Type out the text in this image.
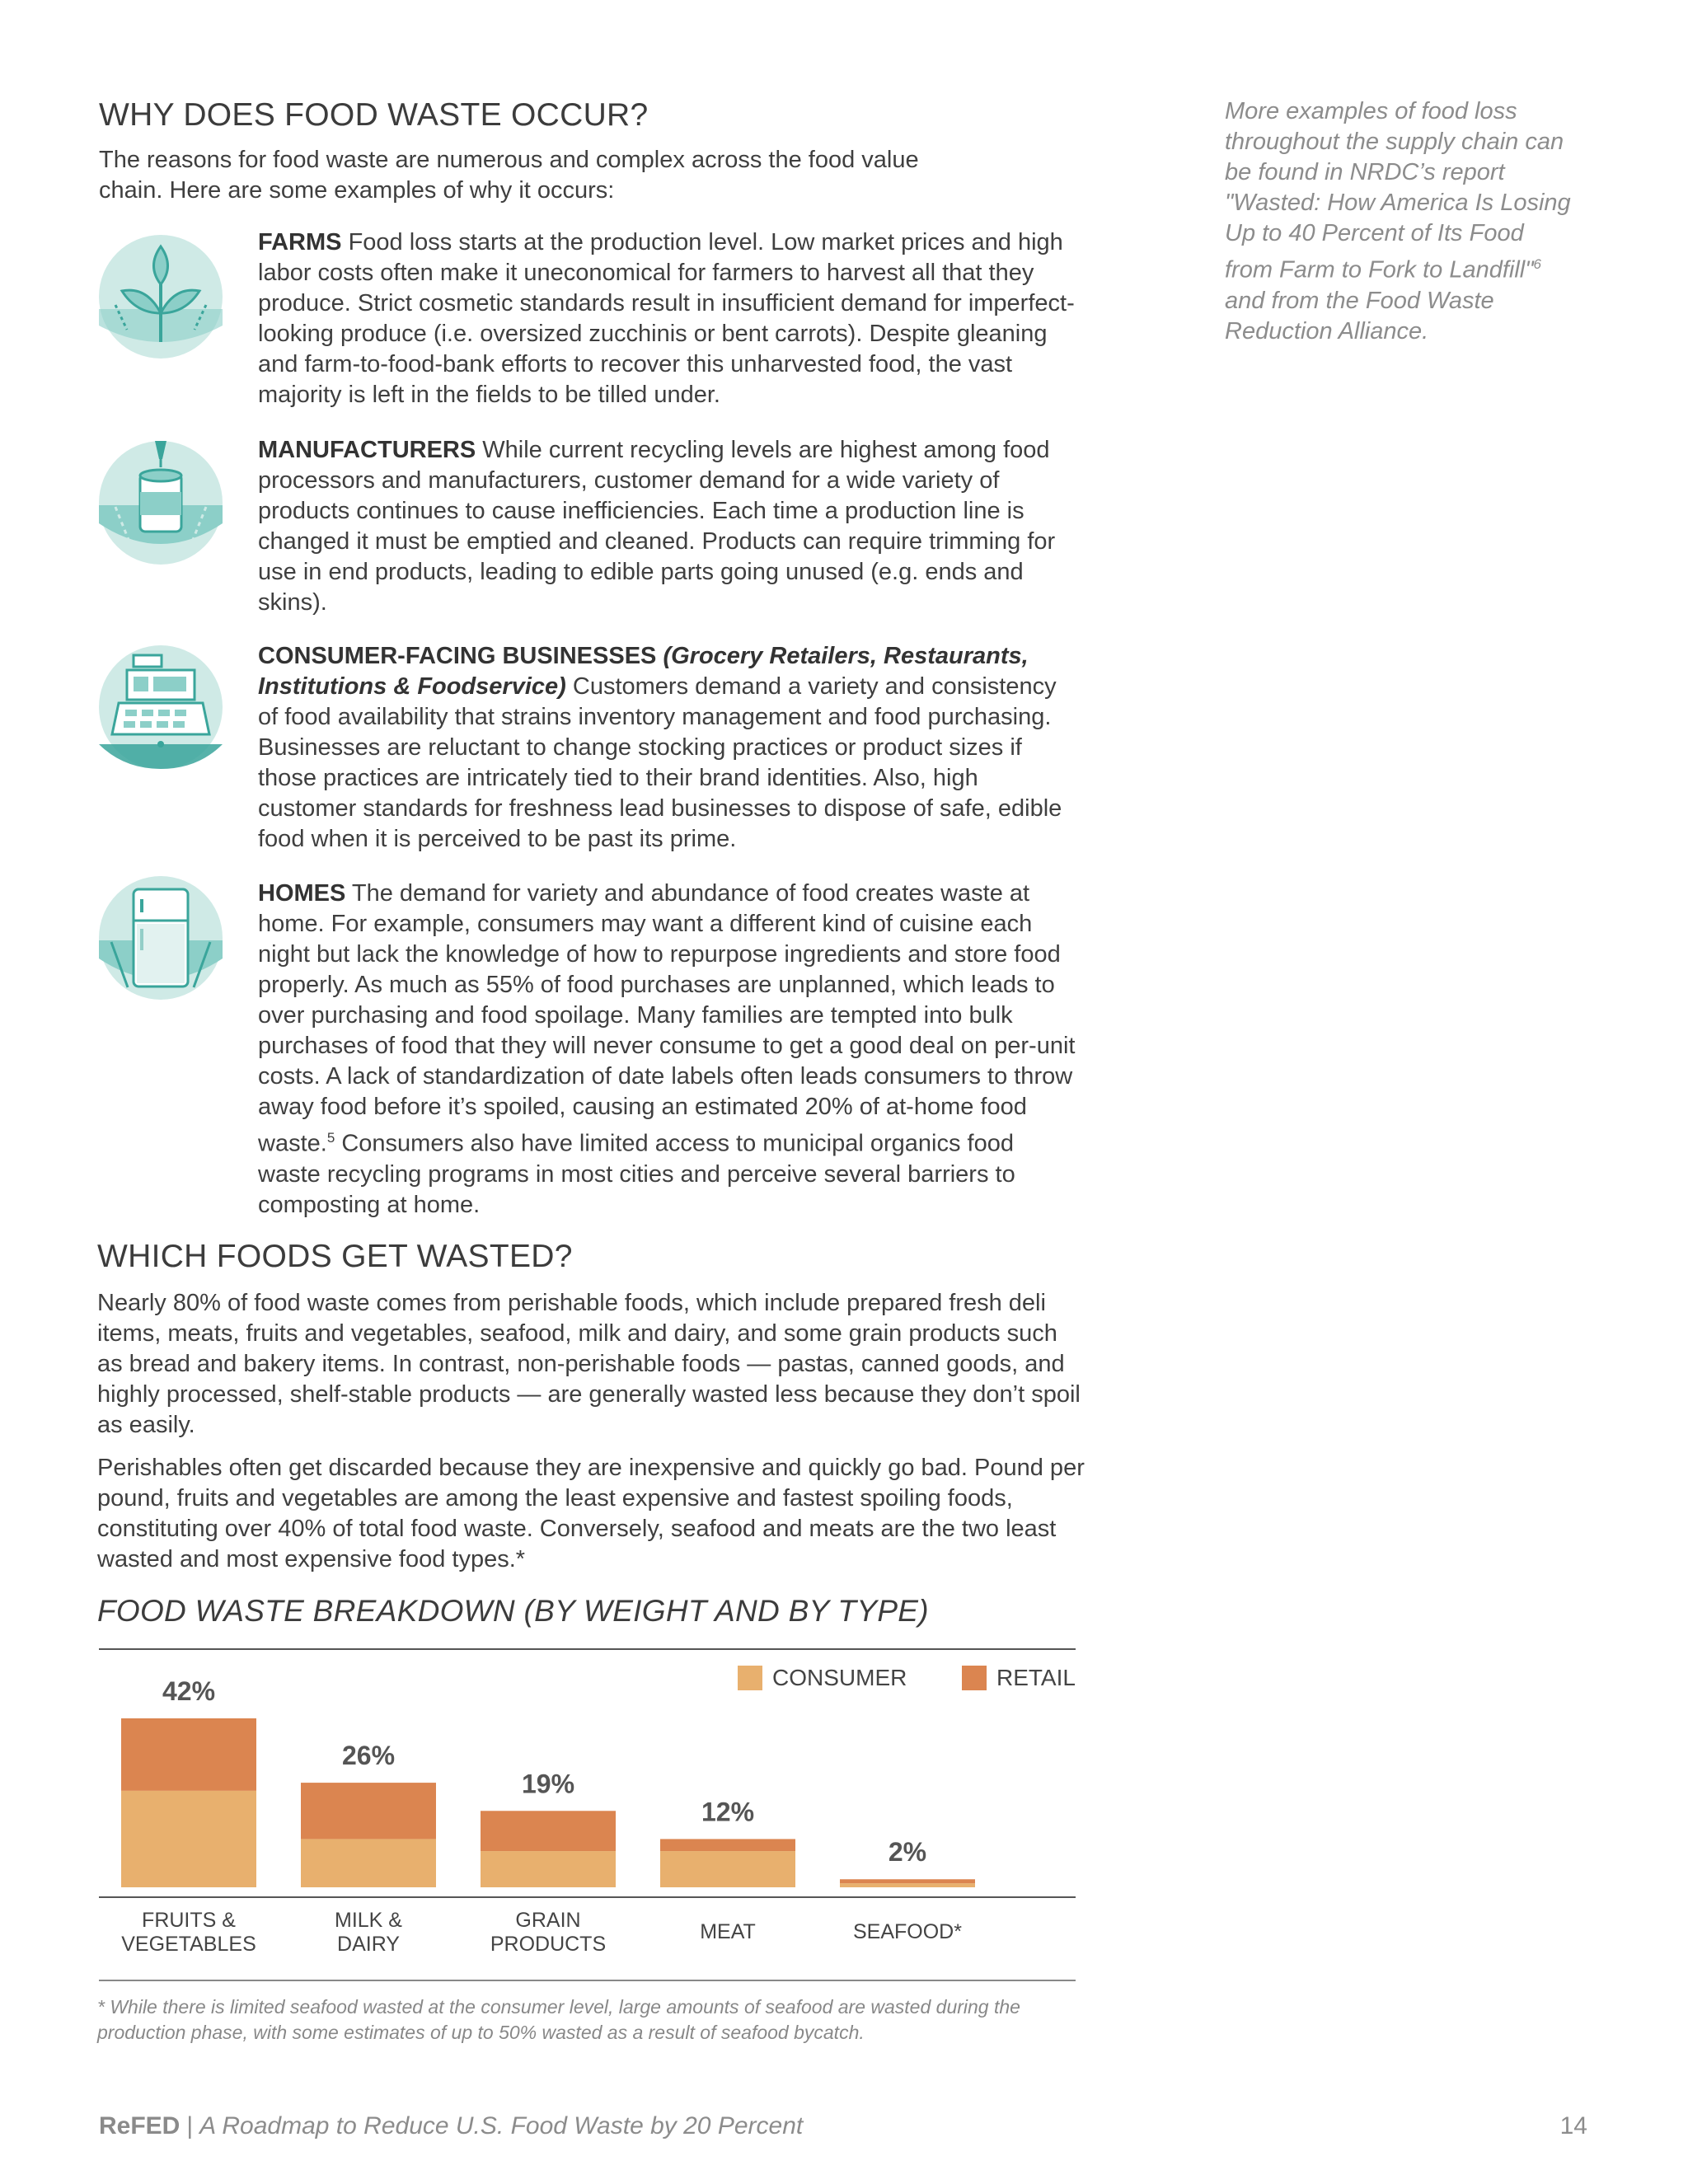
WHY DOES FOOD WASTE OCCUR?
The reasons for food waste are numerous and complex across the food value chain. Here are some examples of why it occurs:
FARMS Food loss starts at the production level. Low market prices and high labor costs often make it uneconomical for farmers to harvest all that they produce. Strict cosmetic standards result in insufficient demand for imperfect-looking produce (i.e. oversized zucchinis or bent carrots). Despite gleaning and farm-to-food-bank efforts to recover this unharvested food, the vast majority is left in the fields to be tilled under.
MANUFACTURERS While current recycling levels are highest among food processors and manufacturers, customer demand for a wide variety of products continues to cause inefficiencies. Each time a production line is changed it must be emptied and cleaned. Products can require trimming for use in end products, leading to edible parts going unused (e.g. ends and skins).
CONSUMER-FACING BUSINESSES (Grocery Retailers, Restaurants, Institutions & Foodservice) Customers demand a variety and consistency of food availability that strains inventory management and food purchasing. Businesses are reluctant to change stocking practices or product sizes if those practices are intricately tied to their brand identities. Also, high customer standards for freshness lead businesses to dispose of safe, edible food when it is perceived to be past its prime.
HOMES The demand for variety and abundance of food creates waste at home. For example, consumers may want a different kind of cuisine each night but lack the knowledge of how to repurpose ingredients and store food properly. As much as 55% of food purchases are unplanned, which leads to over purchasing and food spoilage. Many families are tempted into bulk purchases of food that they will never consume to get a good deal on per-unit costs. A lack of standardization of date labels often leads consumers to throw away food before it’s spoiled, causing an estimated 20% of at-home food waste.$^5$ Consumers also have limited access to municipal organics food waste recycling programs in most cities and perceive several barriers to composting at home.
More examples of food loss throughout the supply chain can be found in NRDC’s report "Wasted: How America Is Losing Up to 40 Percent of Its Food from Farm to Fork to Landfill"$^6$ and from the Food Waste Reduction Alliance.
WHICH FOODS GET WASTED?
Nearly 80% of food waste comes from perishable foods, which include prepared fresh deli items, meats, fruits and vegetables, seafood, milk and dairy, and some grain products such as bread and bakery items. In contrast, non-perishable foods — pastas, canned goods, and highly processed, shelf-stable products — are generally wasted less because they don’t spoil as easily.
Perishables often get discarded because they are inexpensive and quickly go bad. Pound per pound, fruits and vegetables are among the least expensive and fastest spoiling foods, constituting over 40% of total food waste. Conversely, seafood and meats are the two least wasted and most expensive food types.*
FOOD WASTE BREAKDOWN (BY WEIGHT AND BY TYPE)
CONSUMER	RETAIL
42%
FRUITS & VEGETABLES
26%
MILK & DAIRY
19%
GRAIN PRODUCTS
12%
MEAT
2%
SEAFOOD*
* While there is limited seafood wasted at the consumer level, large amounts of seafood are wasted during the production phase, with some estimates of up to 50% wasted as a result of seafood bycatch.
ReFED | A Roadmap to Reduce U.S. Food Waste by 20 Percent	14
